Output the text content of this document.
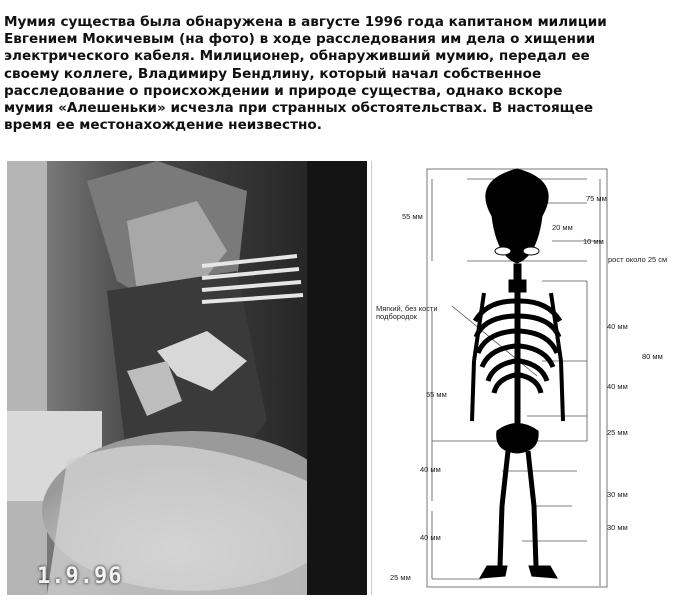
Мумия существа была обнаружена в августе 1996 года капитаном милиции
Евгением Мокичевым (на фото) в ходе расследования им дела о хищении
электрического кабеля. Милиционер, обнаруживший мумию, передал ее
своему коллеге, Владимиру Бендлину, который начал собственное
расследование о происхождении и природе существа, однако вскоре
мумия «Алешеньки» исчезла при странных обстоятельствах. В настоящее
время ее местонахождение неизвестно.
1.9.96
75 мм
55 мм
20 мм
10 мм
рост около 25 см
Мягкий, без кости подбородок
55 мм
40 мм
80 мм
40 мм
25 мм
40 мм
30 мм
40 мм
30 мм
25 мм
